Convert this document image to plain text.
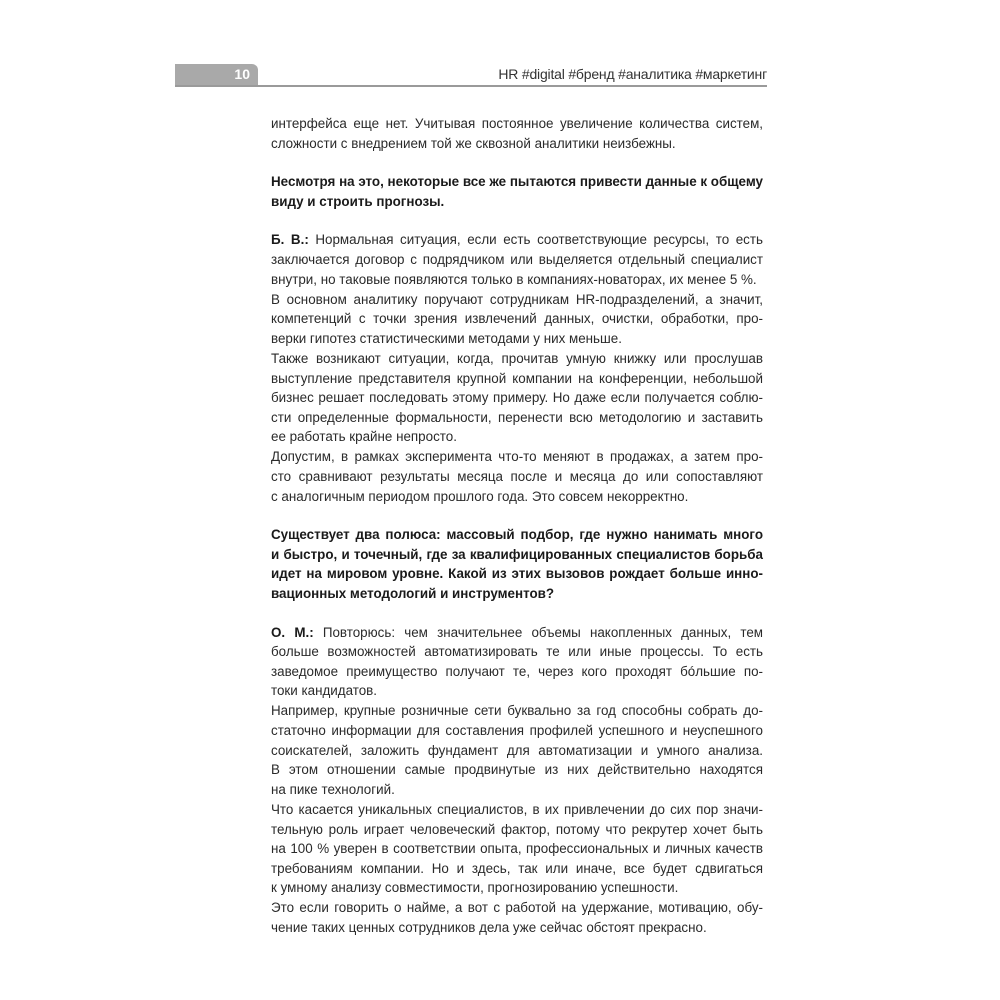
10	HR #digital #бренд #аналитика #маркетинг
интерфейса еще нет. Учитывая постоянное увеличение количества систем,
сложности с внедрением той же сквозной аналитики неизбежны.
Несмотря на это, некоторые все же пытаются привести данные к общему
виду и строить прогнозы.
Б. В.: Нормальная ситуация, если есть соответствующие ресурсы, то есть
заключается договор с подрядчиком или выделяется отдельный специалист
внутри, но таковые появляются только в компаниях-новаторах, их менее 5 %.
В основном аналитику поручают сотрудникам HR-подразделений, а значит,
компетенций с точки зрения извлечений данных, очистки, обработки, про-
верки гипотез статистическими методами у них меньше.
Также возникают ситуации, когда, прочитав умную книжку или прослушав
выступление представителя крупной компании на конференции, небольшой
бизнес решает последовать этому примеру. Но даже если получается соблю-
сти определенные формальности, перенести всю методологию и заставить
ее работать крайне непросто.
Допустим, в рамках эксперимента что-то меняют в продажах, а затем про-
сто сравнивают результаты месяца после и месяца до или сопоставляют
с аналогичным периодом прошлого года. Это совсем некорректно.
Существует два полюса: массовый подбор, где нужно нанимать много
и быстро, и точечный, где за квалифицированных специалистов борьба
идет на мировом уровне. Какой из этих вызовов рождает больше инно-
вационных методологий и инструментов?
О. М.: Повторюсь: чем значительнее объемы накопленных данных, тем
больше возможностей автоматизировать те или иные процессы. То есть
заведомое преимущество получают те, через кого проходят бóльшие по-
токи кандидатов.
Например, крупные розничные сети буквально за год способны собрать до-
статочно информации для составления профилей успешного и неуспешного
соискателей, заложить фундамент для автоматизации и умного анализа.
В этом отношении самые продвинутые из них действительно находятся
на пике технологий.
Что касается уникальных специалистов, в их привлечении до сих пор значи-
тельную роль играет человеческий фактор, потому что рекрутер хочет быть
на 100 % уверен в соответствии опыта, профессиональных и личных качеств
требованиям компании. Но и здесь, так или иначе, все будет сдвигаться
к умному анализу совместимости, прогнозированию успешности.
Это если говорить о найме, а вот с работой на удержание, мотивацию, обу-
чение таких ценных сотрудников дела уже сейчас обстоят прекрасно.
